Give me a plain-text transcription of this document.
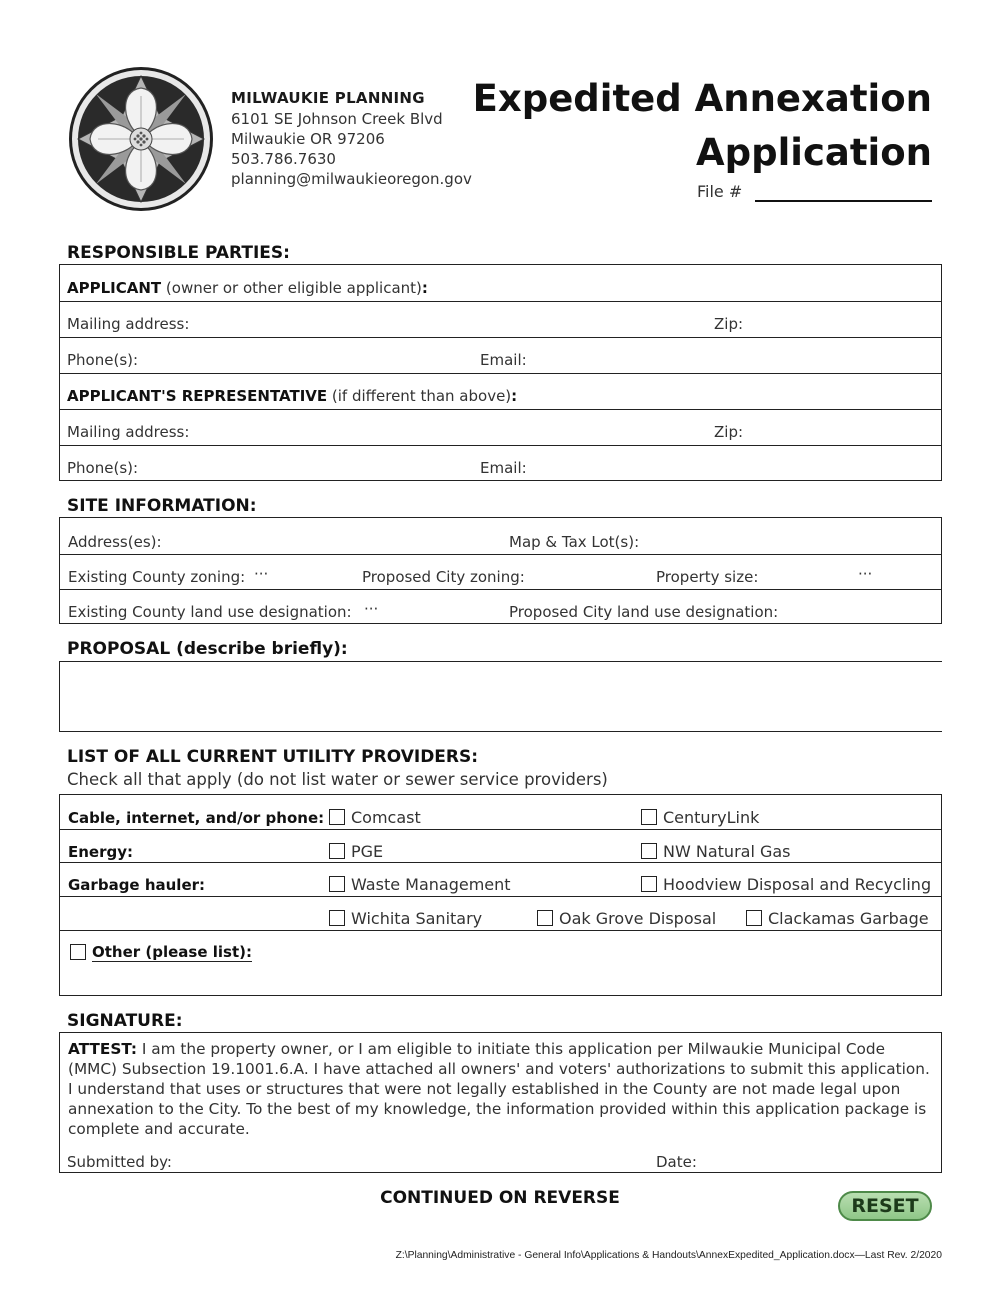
MILWAUKIE PLANNING
6101 SE Johnson Creek Blvd
Milwaukie OR 97206
503.786.7630
planning@milwaukieoregon.gov
Expedited Annexation
Application
File #
RESPONSIBLE PARTIES:
APPLICANT (owner or other eligible applicant):
Mailing address:	Zip:
Phone(s):	Email:
APPLICANT'S REPRESENTATIVE (if different than above):
Mailing address:	Zip:
Phone(s):	Email:
SITE INFORMATION:
Address(es):	Map & Tax Lot(s):
Existing County zoning: ···	Proposed City zoning:	Property size:	···
Existing County land use designation: ···	Proposed City land use designation:
PROPOSAL (describe briefly):
LIST OF ALL CURRENT UTILITY PROVIDERS:
Check all that apply (do not list water or sewer service providers)
Cable, internet, and/or phone: Comcast	CenturyLink
Energy:	PGE	NW Natural Gas
Garbage hauler:	Waste Management	Hoodview Disposal and Recycling
Wichita Sanitary	Oak Grove Disposal	Clackamas Garbage
Other (please list):
SIGNATURE:
ATTEST: I am the property owner, or I am eligible to initiate this application per Milwaukie Municipal Code (MMC) Subsection 19.1001.6.A. I have attached all owners' and voters' authorizations to submit this application. I understand that uses or structures that were not legally established in the County are not made legal upon annexation to the City. To the best of my knowledge, the information provided within this application package is complete and accurate.
Submitted by:	Date:
CONTINUED ON REVERSE	RESET
Z:\Planning\Administrative - General Info\Applications & Handouts\AnnexExpedited_Application.docx—Last Rev. 2/2020
